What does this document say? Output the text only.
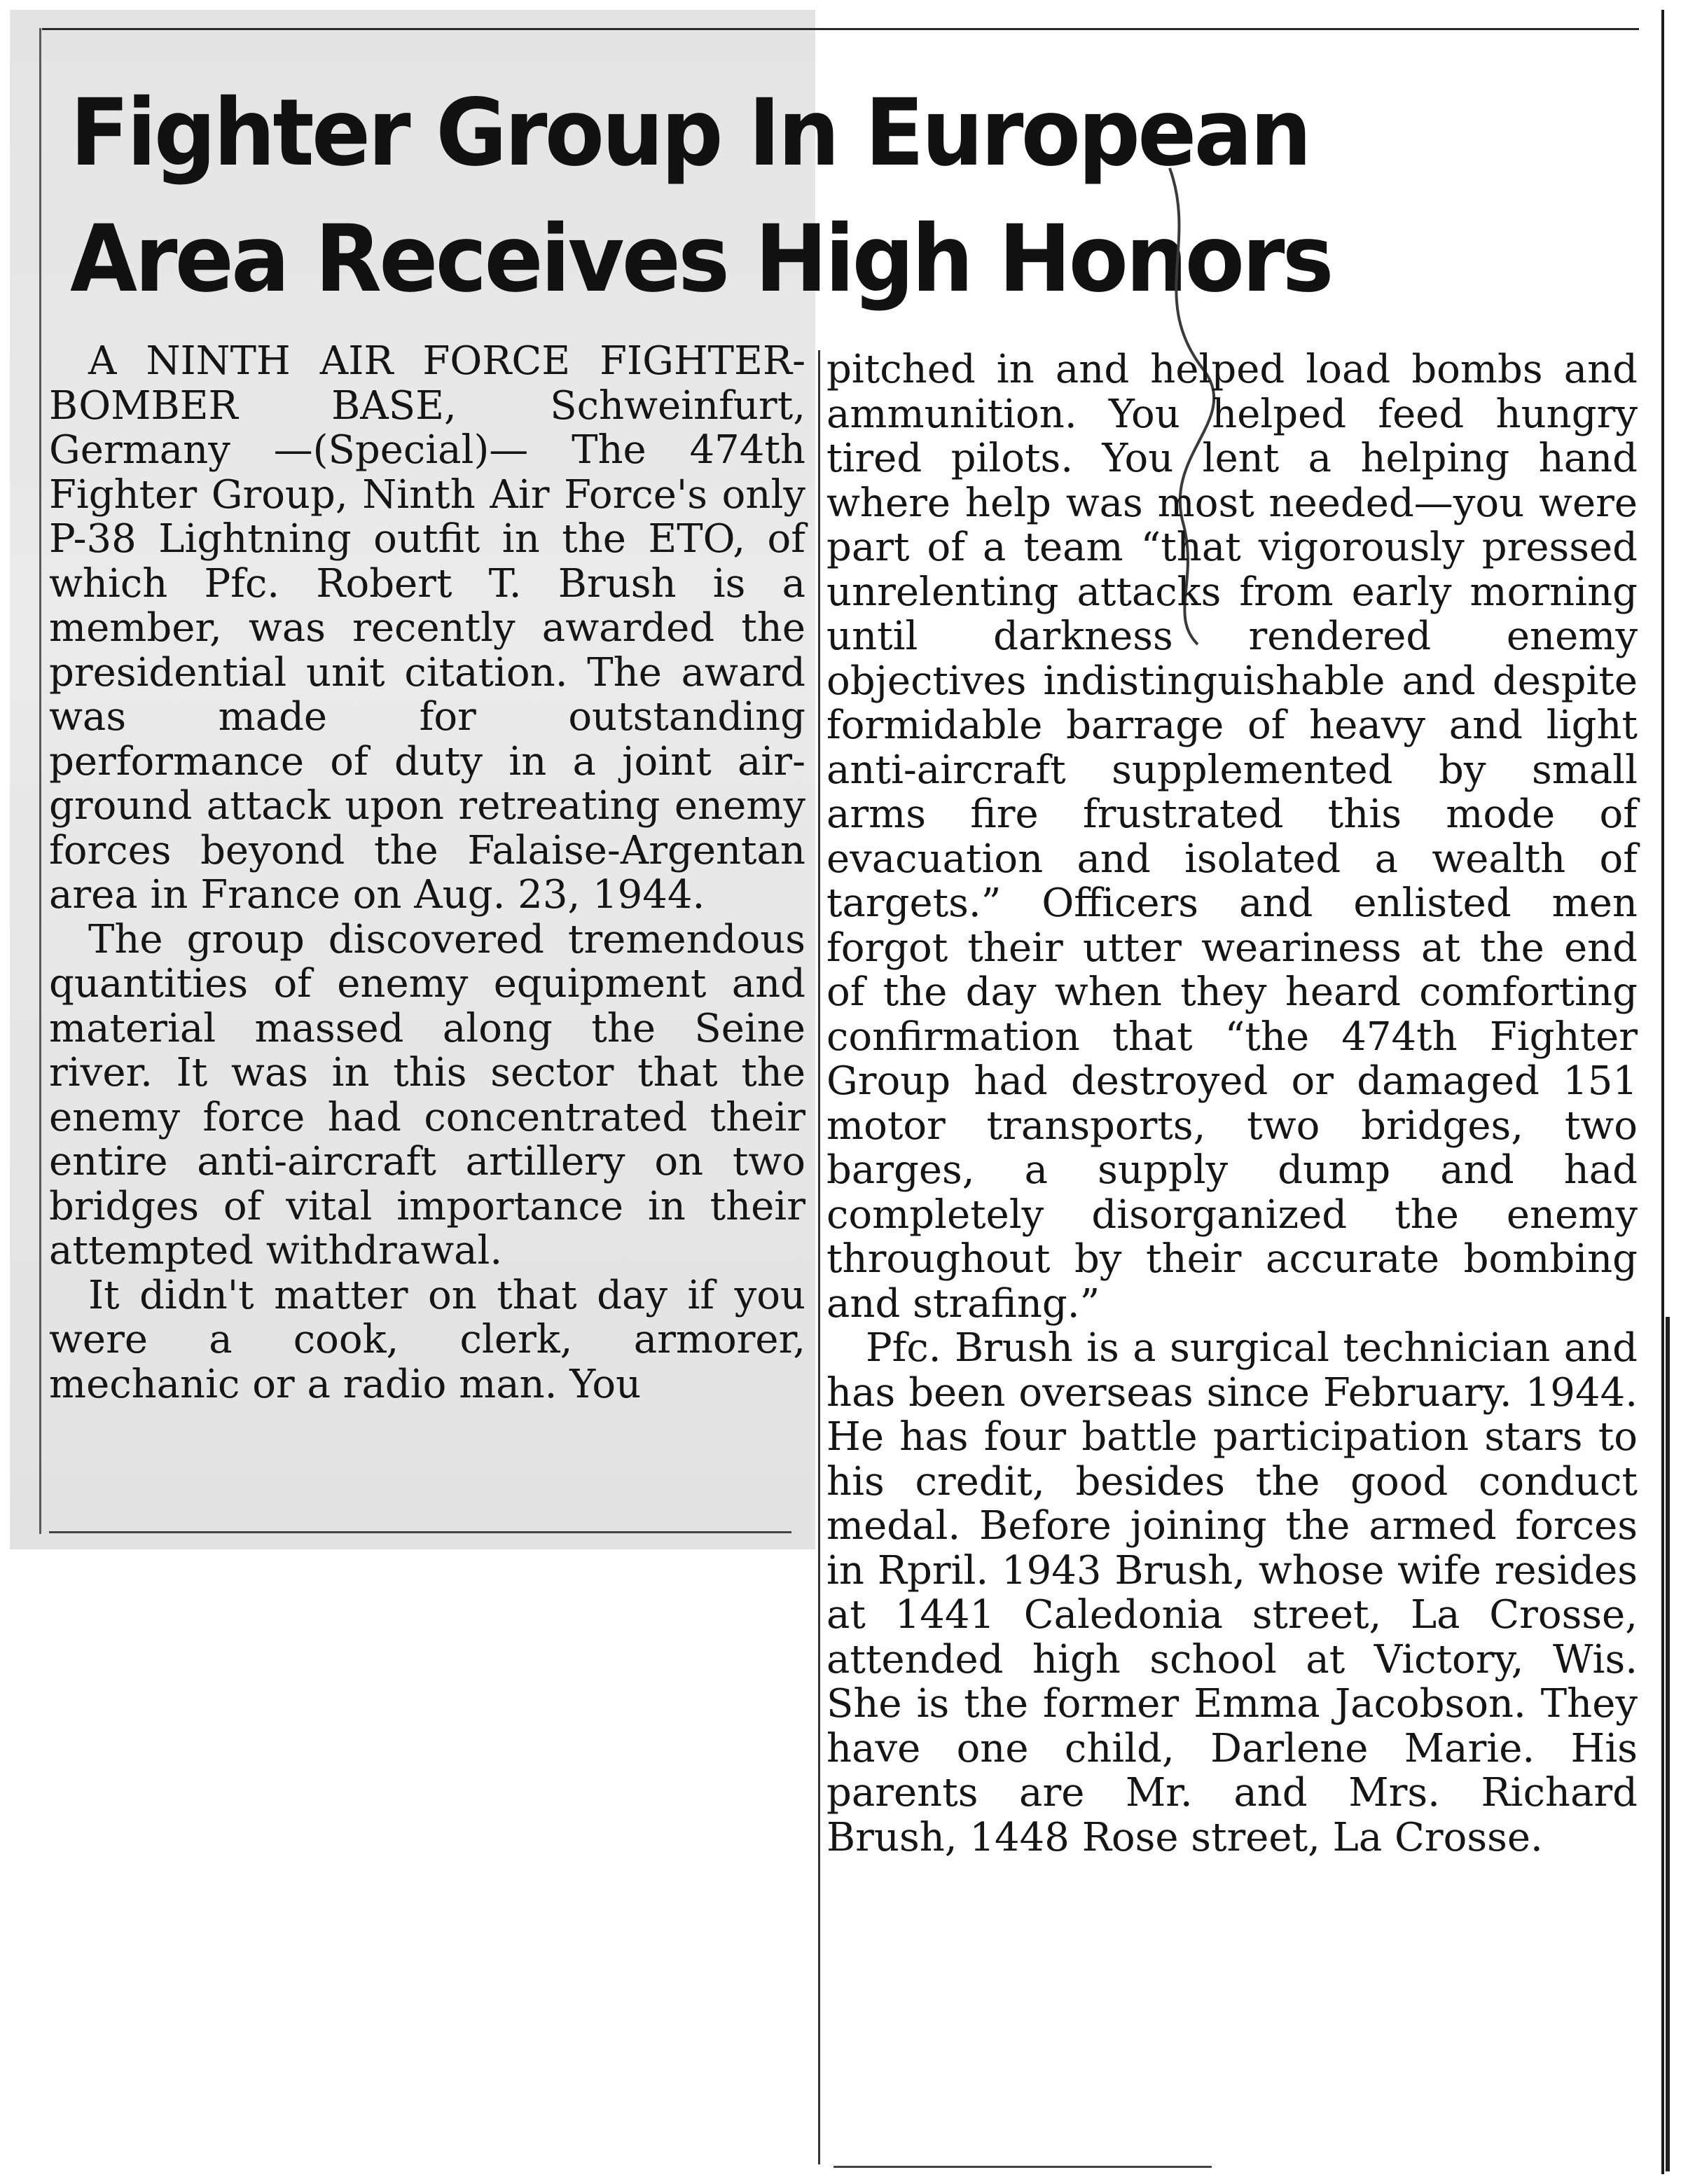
Fighter Group In European
Area Receives High Honors

A NINTH AIR FORCE FIGHTER-BOMBER BASE, Schweinfurt, Germany —(Special)— The 474th Fighter Group, Ninth Air Force's only P-38 Lightning outfit in the ETO, of which Pfc. Robert T. Brush is a member, was recently awarded the presidential unit citation. The award was made for outstanding performance of duty in a joint air-ground attack upon retreating enemy forces beyond the Falaise-Argentan area in France on Aug. 23, 1944.

The group discovered tremendous quantities of enemy equipment and material massed along the Seine river. It was in this sector that the enemy force had concentrated their entire anti-aircraft artillery on two bridges of vital importance in their attempted withdrawal.

It didn't matter on that day if you were a cook, clerk, armorer, mechanic or a radio man. You

pitched in and helped load bombs and ammunition. You helped feed hungry tired pilots. You lent a helping hand where help was most needed—you were part of a team “that vigorously pressed unrelenting attacks from early morning until darkness rendered enemy objectives indistinguishable and despite formidable barrage of heavy and light anti-aircraft supplemented by small arms fire frustrated this mode of evacuation and isolated a wealth of targets.” Officers and enlisted men forgot their utter weariness at the end of the day when they heard comforting confirmation that “the 474th Fighter Group had destroyed or damaged 151 motor transports, two bridges, two barges, a supply dump and had completely disorganized the enemy throughout by their accurate bombing and strafing.”

Pfc. Brush is a surgical technician and has been overseas since February. 1944. He has four battle participation stars to his credit, besides the good conduct medal. Before joining the armed forces in Rpril. 1943 Brush, whose wife resides at 1441 Caledonia street, La Crosse, attended high school at Victory, Wis. She is the former Emma Jacobson. They have one child, Darlene Marie. His parents are Mr. and Mrs. Richard Brush, 1448 Rose street, La Crosse.
